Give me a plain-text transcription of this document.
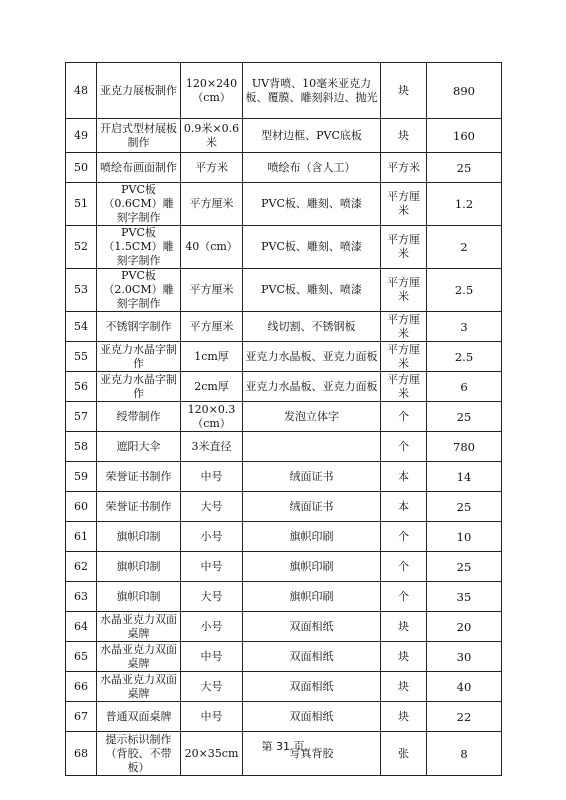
48	亚克力展板制作	120×240（cm）	UV背喷、10毫米亚克力板、覆膜、雕刻斜边、抛光	块	890
49	开启式型材展板制作	0.9米×0.6米	型材边框、PVC底板	块	160
50	喷绘布画面制作	平方米	喷绘布（含人工）	平方米	25
51	PVC板（0.6CM）雕刻字制作	平方厘米	PVC板、雕刻、喷漆	平方厘米	1.2
52	PVC板（1.5CM）雕刻字制作	40（cm）	PVC板、雕刻、喷漆	平方厘米	2
53	PVC板（2.0CM）雕刻字制作	平方厘米	PVC板、雕刻、喷漆	平方厘米	2.5
54	不锈钢字制作	平方厘米	线切割、不锈钢板	平方厘米	3
55	亚克力水晶字制作	1cm厚	亚克力水晶板、亚克力面板	平方厘米	2.5
56	亚克力水晶字制作	2cm厚	亚克力水晶板、亚克力面板	平方厘米	6
57	绶带制作	120×0.3（cm）	发泡立体字	个	25
58	遮阳大伞	3米直径		个	780
59	荣誉证书制作	中号	绒面证书	本	14
60	荣誉证书制作	大号	绒面证书	本	25
61	旗帜印制	小号	旗帜印刷	个	10
62	旗帜印制	中号	旗帜印刷	个	25
63	旗帜印制	大号	旗帜印刷	个	35
64	水晶亚克力双面桌牌	小号	双面相纸	块	20
65	水晶亚克力双面桌牌	中号	双面相纸	块	30
66	水晶亚克力双面桌牌	大号	双面相纸	块	40
67	普通双面桌牌	中号	双面相纸	块	22
68	提示标识制作（背胶、不带板）	20×35cm	写真背胶	张	8
第 31 页
